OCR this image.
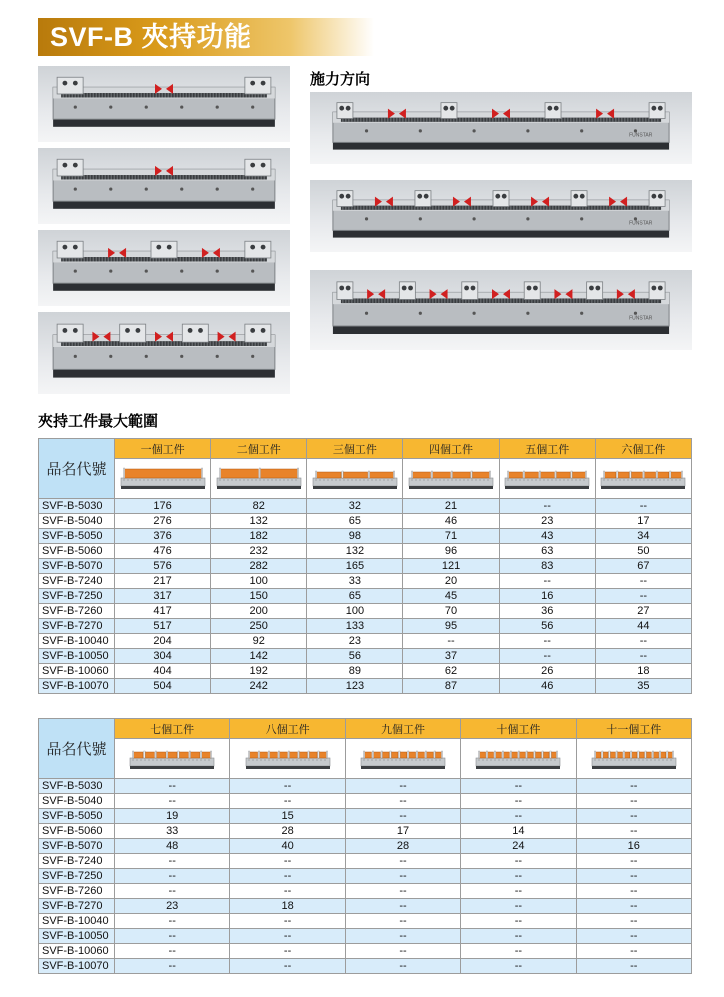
SVF-B 夾持功能
施力方向
FUNSTAR
FUNSTAR
FUNSTAR
夾持工件最大範圍
品名代號	一個工件	二個工件	三個工件	四個工件	五個工件	六個工件

SVF-B-5030	176	82	32	21	--	--
SVF-B-5040	276	132	65	46	23	17
SVF-B-5050	376	182	98	71	43	34
SVF-B-5060	476	232	132	96	63	50
SVF-B-5070	576	282	165	121	83	67
SVF-B-7240	217	100	33	20	--	--
SVF-B-7250	317	150	65	45	16	--
SVF-B-7260	417	200	100	70	36	27
SVF-B-7270	517	250	133	95	56	44
SVF-B-10040	204	92	23	--	--	--
SVF-B-10050	304	142	56	37	--	--
SVF-B-10060	404	192	89	62	26	18
SVF-B-10070	504	242	123	87	46	35
品名代號	七個工件	八個工件	九個工件	十個工件	十一個工件

SVF-B-5030	--	--	--	--	--
SVF-B-5040	--	--	--	--	--
SVF-B-5050	19	15	--	--	--
SVF-B-5060	33	28	17	14	--
SVF-B-5070	48	40	28	24	16
SVF-B-7240	--	--	--	--	--
SVF-B-7250	--	--	--	--	--
SVF-B-7260	--	--	--	--	--
SVF-B-7270	23	18	--	--	--
SVF-B-10040	--	--	--	--	--
SVF-B-10050	--	--	--	--	--
SVF-B-10060	--	--	--	--	--
SVF-B-10070	--	--	--	--	--
